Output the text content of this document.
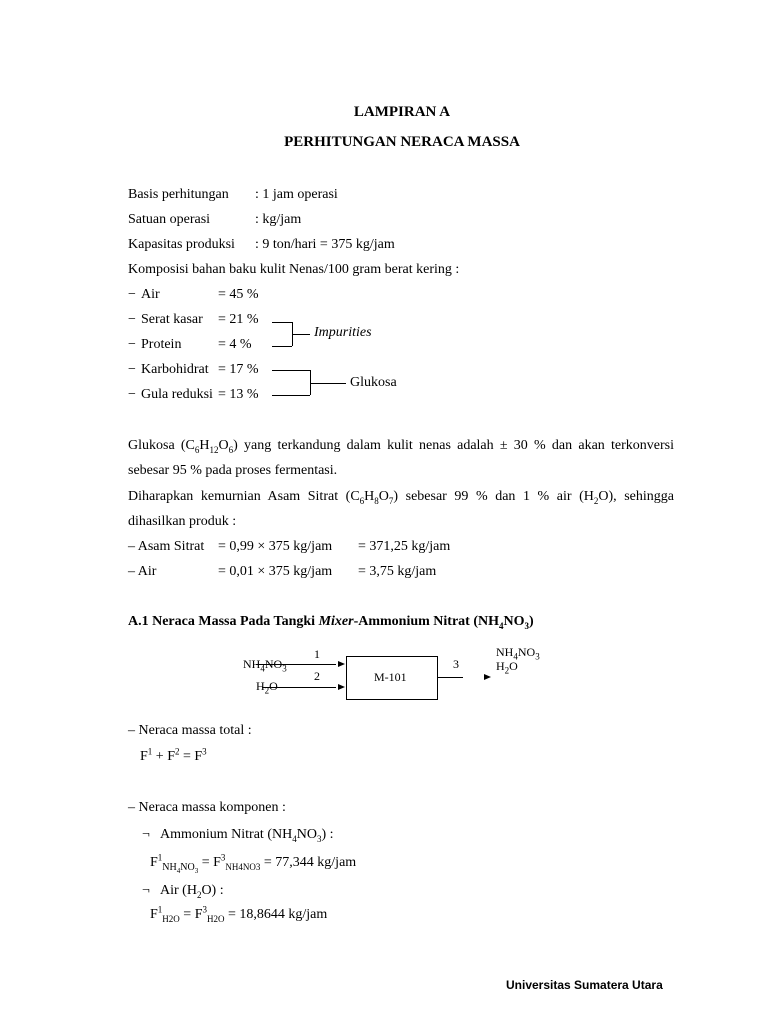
LAMPIRAN A
PERHITUNGAN NERACA MASSA
Basis perhitungan : 1 jam operasi
Satuan operasi	: kg/jam
Kapasitas produksi : 9 ton/hari = 375 kg/jam
Komposisi bahan baku kulit Nenas/100 gram berat kering :
− Air	= 45 %
− Serat kasar = 21 %
− Protein	= 4 %
− Karbohidrat = 17 %
− Gula reduksi = 13 %
Impurities
Glukosa
Glukosa $(C_6H_{12}O_6)$ yang terkandung dalam kulit nenas adalah ± 30 % dan akan terkonversi sebesar 95 % pada proses fermentasi.
Diharapkan kemurnian Asam Sitrat $(C_6H_8O_7)$ sebesar 99 % dan 1 % air $(H_2O)$, sehingga dihasilkan produk :
– Asam Sitrat = 0,99 × 375 kg/jam = 371,25 kg/jam
– Air	= 0,01 × 375 kg/jam = 3,75 kg/jam
A.1 Neraca Massa Pada Tangki Mixer-Ammonium Nitrat $(NH_4NO_3)$
$NH_4NO_3$
1
$H_2O$
2	M-101
3
$NH_4NO_3$
$H_2O$
– Neraca massa total :
$F^1 + F^2 = F^3$
– Neraca massa komponen :
¬ Ammonium Nitrat $(NH_4NO_3)$ :
$F^1_{NH_4NO_3} = F^3_{NH4NO3} = 77,344$ kg/jam
¬ Air $(H_2O)$ :
$F^1_{H2O} = F^3_{H2O} = 18,8644$ kg/jam
Universitas Sumatera Utara
